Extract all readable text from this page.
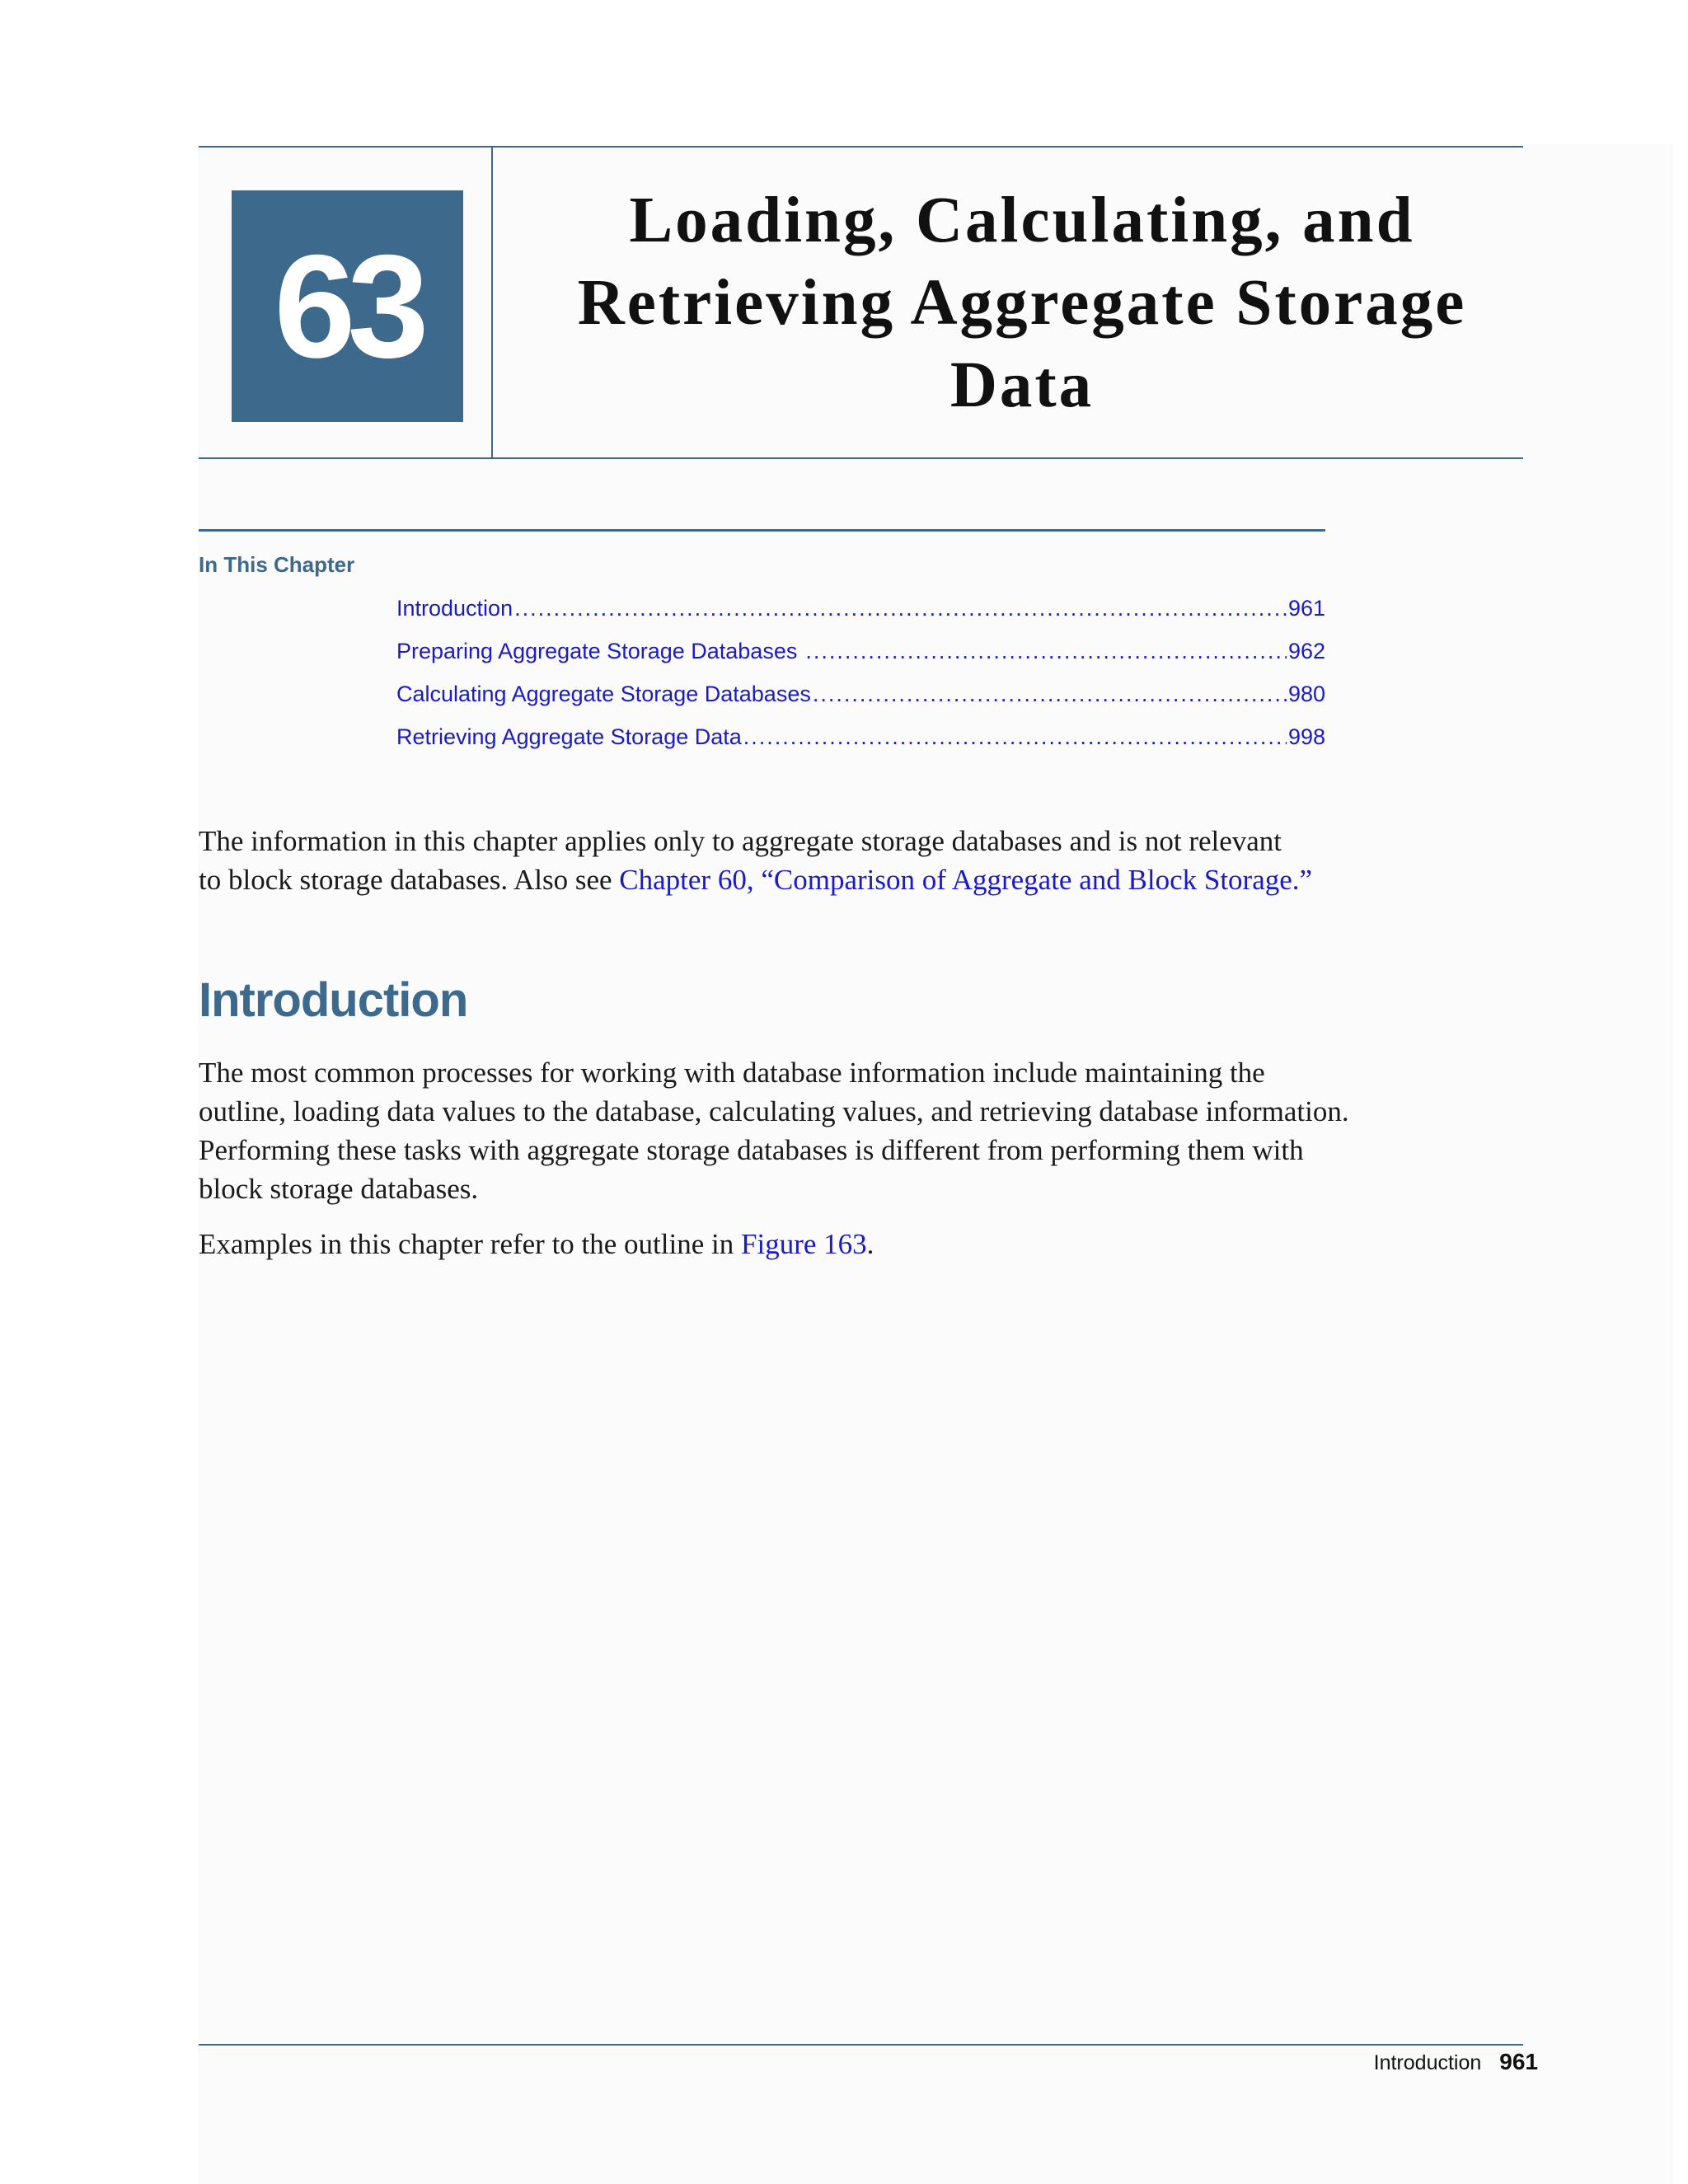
63
Loading, Calculating, and
Retrieving Aggregate Storage
Data
In This Chapter
Introduction .....	961
Preparing Aggregate Storage Databases .....	962
Calculating Aggregate Storage Databases .....	980
Retrieving Aggregate Storage Data .....	998
The information in this chapter applies only to aggregate storage databases and is not relevant
to block storage databases. Also see Chapter 60, “Comparison of Aggregate and Block Storage.”
Introduction
The most common processes for working with database information include maintaining the outline, loading data values to the database, calculating values, and retrieving database information. Performing these tasks with aggregate storage databases is different from performing them with block storage databases.
Examples in this chapter refer to the outline in Figure 163.
Introduction 961
